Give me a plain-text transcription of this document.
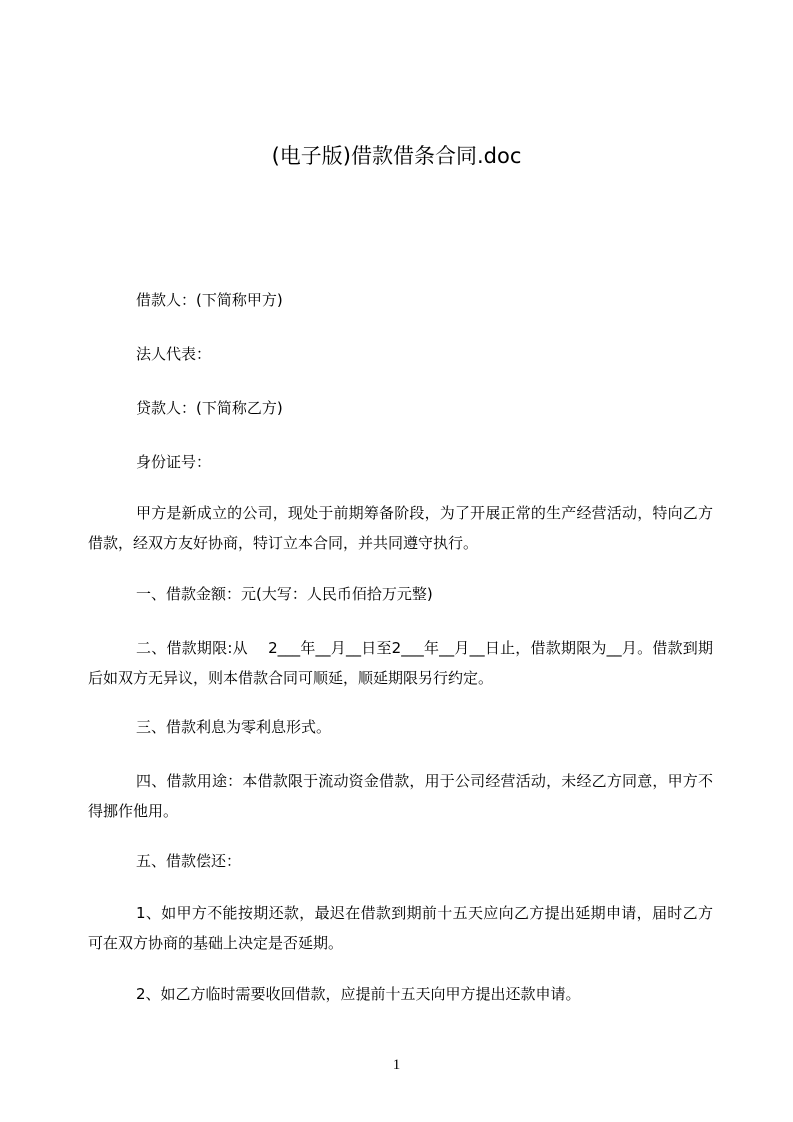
(电子版)借款借条合同.doc
借款人：(下简称甲方)
法人代表：
贷款人：(下简称乙方)
身份证号：
甲方是新成立的公司，现处于前期筹备阶段，为了开展正常的生产经营活动，特向乙方借款，经双方友好协商，特订立本合同，并共同遵守执行。
一、借款金额：元(大写：人民币佰拾万元整)
二、借款期限:从　 2___年__月__日至2___年__月__日止，借款期限为__月。借款到期后如双方无异议，则本借款合同可顺延，顺延期限另行约定。
三、借款利息为零利息形式。
四、借款用途：本借款限于流动资金借款，用于公司经营活动，未经乙方同意，甲方不得挪作他用。
五、借款偿还：
1、如甲方不能按期还款，最迟在借款到期前十五天应向乙方提出延期申请，届时乙方可在双方协商的基础上决定是否延期。
2、如乙方临时需要收回借款，应提前十五天向甲方提出还款申请。
1
